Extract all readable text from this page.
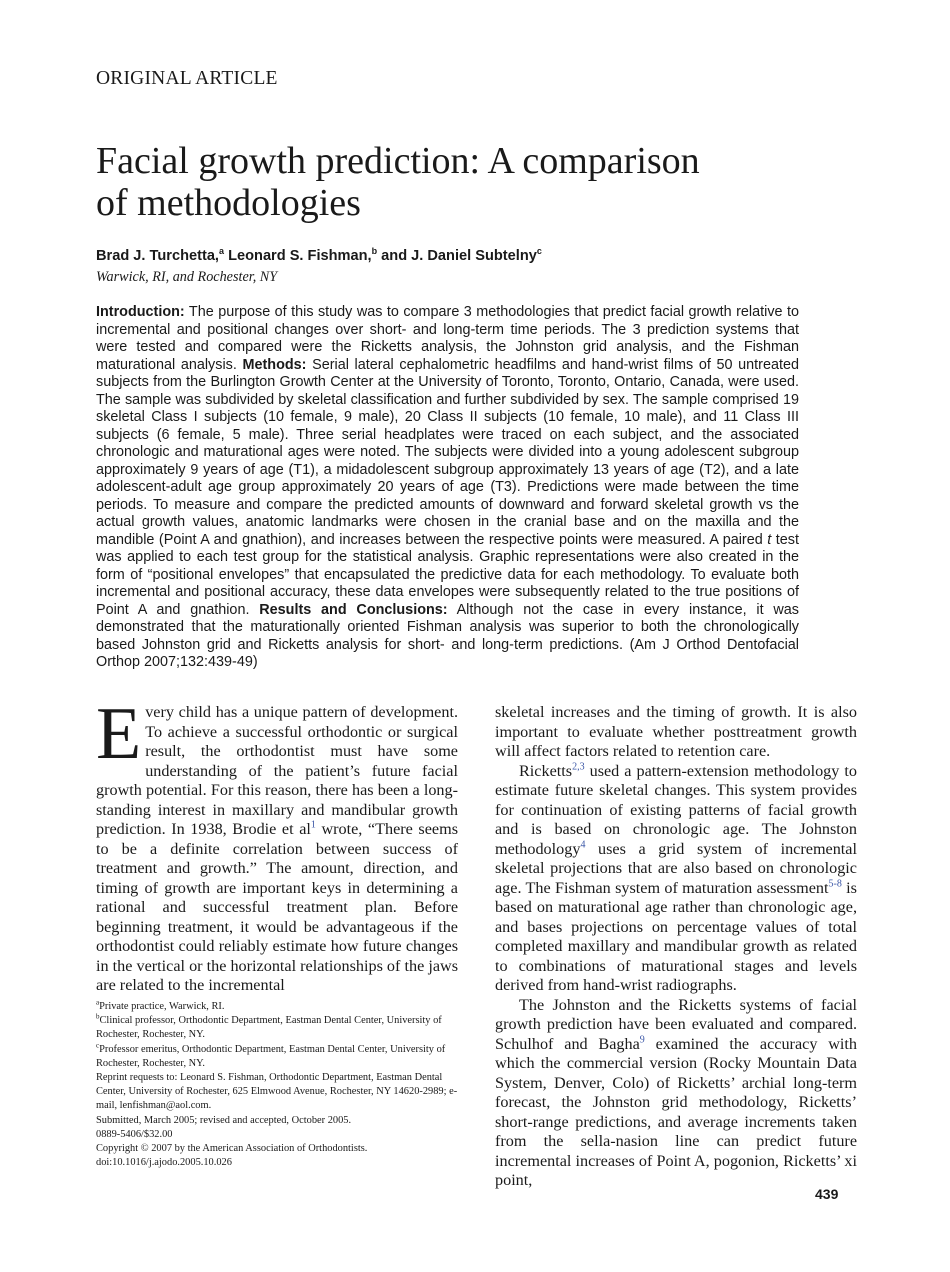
ORIGINAL ARTICLE
Facial growth prediction: A comparison
of methodologies
Brad J. Turchetta,$^a$ Leonard S. Fishman,$^b$ and J. Daniel Subtelny$^c$
Warwick, RI, and Rochester, NY

Introduction: The purpose of this study was to compare 3 methodologies that predict facial growth relative to incremental and positional changes over short- and long-term time periods. The 3 prediction systems that were tested and compared were the Ricketts analysis, the Johnston grid analysis, and the Fishman maturational analysis. Methods: Serial lateral cephalometric headfilms and hand-wrist films of 50 untreated subjects from the Burlington Growth Center at the University of Toronto, Toronto, Ontario, Canada, were used. The sample was subdivided by skeletal classification and further subdivided by sex. The sample comprised 19 skeletal Class I subjects (10 female, 9 male), 20 Class II subjects (10 female, 10 male), and 11 Class III subjects (6 female, 5 male). Three serial headplates were traced on each subject, and the associated chronologic and maturational ages were noted. The subjects were divided into a young adolescent subgroup approximately 9 years of age (T1), a midadolescent subgroup approximately 13 years of age (T2), and a late adolescent-adult age group approximately 20 years of age (T3). Predictions were made between the time periods. To measure and compare the predicted amounts of downward and forward skeletal growth vs the actual growth values, anatomic landmarks were chosen in the cranial base and on the maxilla and the mandible (Point A and gnathion), and increases between the respective points were measured. A paired t test was applied to each test group for the statistical analysis. Graphic representations were also created in the form of “positional envelopes” that encapsulated the predictive data for each methodology. To evaluate both incremental and positional accuracy, these data envelopes were subsequently related to the true positions of Point A and gnathion. Results and Conclusions: Although not the case in every instance, it was demonstrated that the maturationally oriented Fishman analysis was superior to both the chronologically based Johnston grid and Ricketts analysis for short- and long-term predictions. (Am J Orthod Dentofacial Orthop 2007;132:439-49)

Every child has a unique pattern of development. To achieve a successful orthodontic or surgical result, the orthodontist must have some understanding of the patient’s future facial growth potential. For this reason, there has been a long-standing interest in maxillary and mandibular growth prediction. In 1938, Brodie et al$^1$ wrote, “There seems to be a definite correlation between success of treatment and growth.” The amount, direction, and timing of growth are important keys in determining a rational and successful treatment plan. Before beginning treatment, it would be advantageous if the orthodontist could reliably estimate how future changes in the vertical or the horizontal relationships of the jaws are related to the incremental

skeletal increases and the timing of growth. It is also important to evaluate whether posttreatment growth will affect factors related to retention care.

Ricketts$^{2,3}$ used a pattern-extension methodology to estimate future skeletal changes. This system provides for continuation of existing patterns of facial growth and is based on chronologic age. The Johnston methodology$^4$ uses a grid system of incremental skeletal projections that are also based on chronologic age. The Fishman system of maturation assessment$^{5-8}$ is based on maturational age rather than chronologic age, and bases projections on percentage values of total completed maxillary and mandibular growth as related to combinations of maturational stages and levels derived from hand-wrist radiographs.

The Johnston and the Ricketts systems of facial growth prediction have been evaluated and compared. Schulhof and Bagha$^9$ examined the accuracy with which the commercial version (Rocky Mountain Data System, Denver, Colo) of Ricketts’ archial long-term forecast, the Johnston grid methodology, Ricketts’ short-range predictions, and average increments taken from the sella-nasion line can predict future incremental increases of Point A, pogonion, Ricketts’ xi point,

$^a$Private practice, Warwick, RI.
$^b$Clinical professor, Orthodontic Department, Eastman Dental Center, University of Rochester, Rochester, NY.
$^c$Professor emeritus, Orthodontic Department, Eastman Dental Center, University of Rochester, Rochester, NY.
Reprint requests to: Leonard S. Fishman, Orthodontic Department, Eastman Dental Center, University of Rochester, 625 Elmwood Avenue, Rochester, NY 14620-2989; e-mail, lenfishman@aol.com.
Submitted, March 2005; revised and accepted, October 2005.
0889-5406/$32.00
Copyright © 2007 by the American Association of Orthodontists.
doi:10.1016/j.ajodo.2005.10.026
439
